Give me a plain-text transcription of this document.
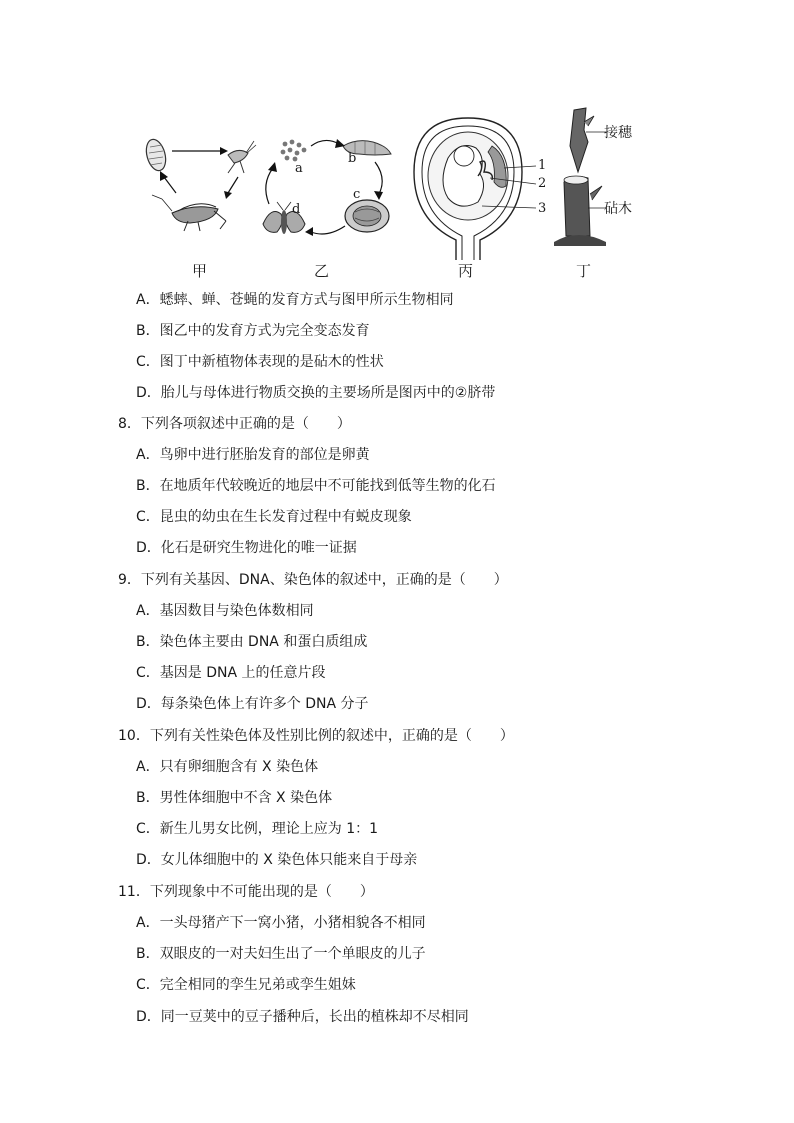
甲
a
b
c
d
乙
1
2
3
丙
接穗
砧木
丁
A．蟋蟀、蝉、苍蝇的发育方式与图甲所示生物相同
B．图乙中的发育方式为完全变态发育
C．图丁中新植物体表现的是砧木的性状
D．胎儿与母体进行物质交换的主要场所是图丙中的②脐带
8．下列各项叙述中正确的是（　　）
A．鸟卵中进行胚胎发育的部位是卵黄
B．在地质年代较晚近的地层中不可能找到低等生物的化石
C．昆虫的幼虫在生长发育过程中有蜕皮现象
D．化石是研究生物进化的唯一证据
9．下列有关基因、DNA、染色体的叙述中，正确的是（　　）
A．基因数目与染色体数相同
B．染色体主要由 DNA 和蛋白质组成
C．基因是 DNA 上的任意片段
D．每条染色体上有许多个 DNA 分子
10．下列有关性染色体及性别比例的叙述中，正确的是（　　）
A．只有卵细胞含有 X 染色体
B．男性体细胞中不含 X 染色体
C．新生儿男女比例，理论上应为 1：1
D．女儿体细胞中的 X 染色体只能来自于母亲
11．下列现象中不可能出现的是（　　）
A．一头母猪产下一窝小猪，小猪相貌各不相同
B．双眼皮的一对夫妇生出了一个单眼皮的儿子
C．完全相同的孪生兄弟或孪生姐妹
D．同一豆荚中的豆子播种后，长出的植株却不尽相同
